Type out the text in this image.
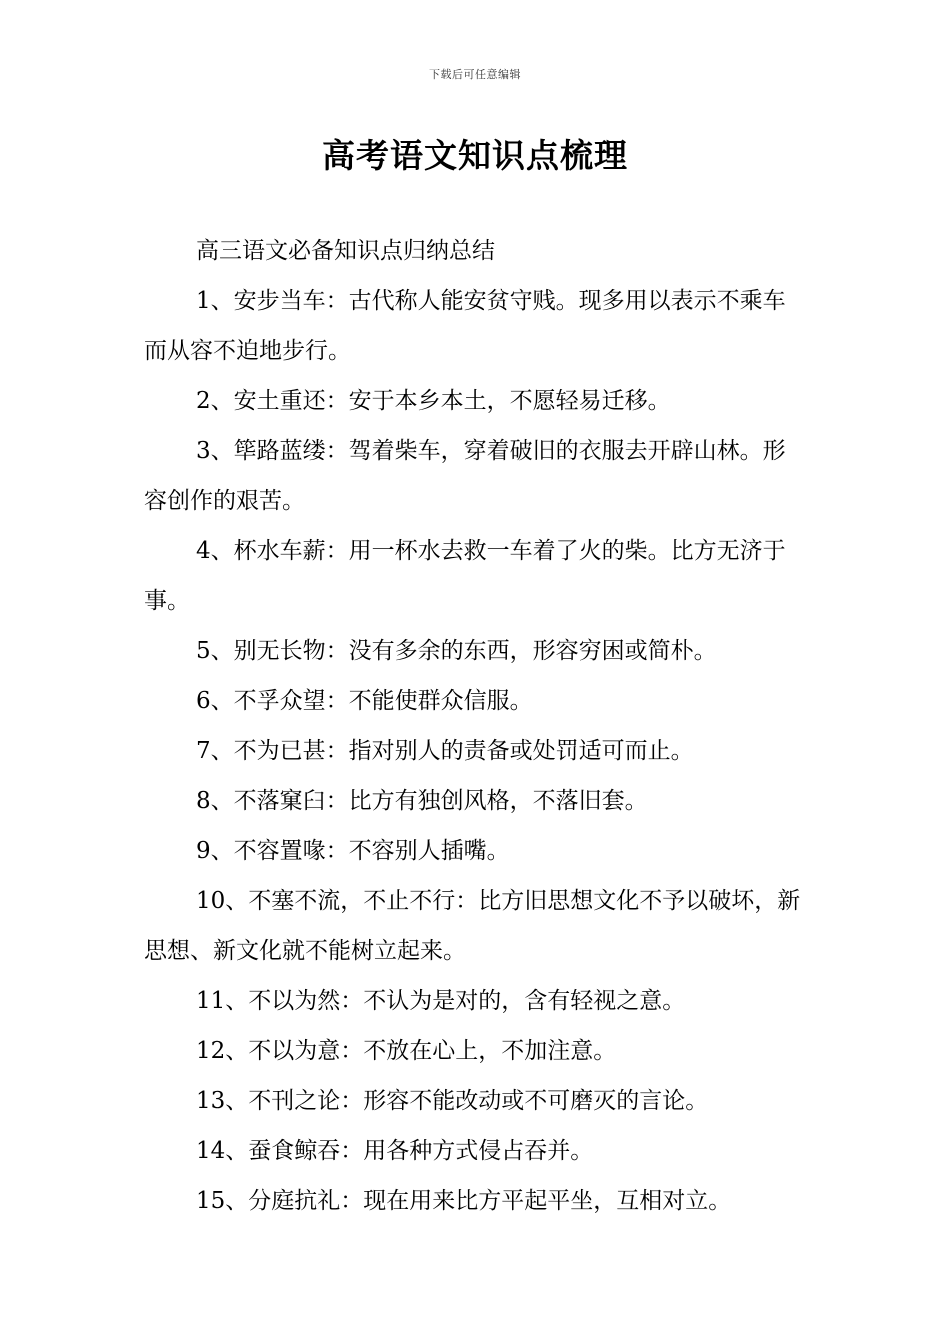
下载后可任意编辑
高考语文知识点梳理

高三语文必备知识点归纳总结

1、安步当车：古代称人能安贫守贱。现多用以表示不乘车而从容不迫地步行。

2、安土重还：安于本乡本土，不愿轻易迁移。

3、筚路蓝缕：驾着柴车，穿着破旧的衣服去开辟山林。形容创作的艰苦。

4、杯水车薪：用一杯水去救一车着了火的柴。比方无济于事。

5、别无长物：没有多余的东西，形容穷困或简朴。

6、不孚众望：不能使群众信服。

7、不为已甚：指对别人的责备或处罚适可而止。

8、不落窠臼：比方有独创风格，不落旧套。

9、不容置喙：不容别人插嘴。

10、不塞不流，不止不行：比方旧思想文化不予以破坏，新思想、新文化就不能树立起来。

11、不以为然：不认为是对的，含有轻视之意。

12、不以为意：不放在心上，不加注意。

13、不刊之论：形容不能改动或不可磨灭的言论。

14、蚕食鲸吞：用各种方式侵占吞并。

15、分庭抗礼：现在用来比方平起平坐，互相对立。
